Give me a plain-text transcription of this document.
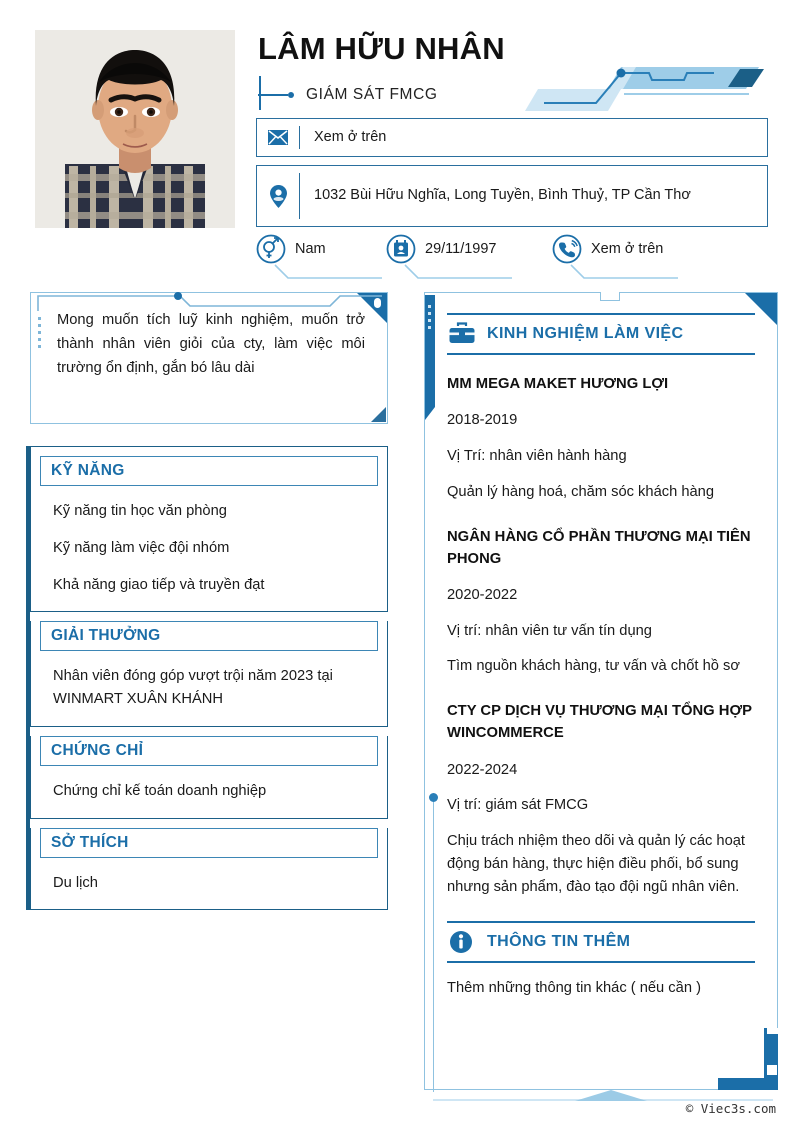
LÂM HỮU NHÂN
GIÁM SÁT FMCG
Xem ở trên
1032 Bùi Hữu Nghĩa, Long Tuyền, Bình Thuỷ, TP Cần Thơ
Nam	29/11/1997	Xem ở trên

Mong muốn tích luỹ kinh nghiệm, muốn trở thành nhân viên giỏi của cty, làm việc môi trường ổn định, gắn bó lâu dài

KỸ NĂNG
Kỹ năng tin học văn phòng
Kỹ năng làm việc đội nhóm
Khả năng giao tiếp và truyền đạt
GIẢI THƯỞNG
Nhân viên đóng góp vượt trội năm 2023 tại WINMART XUÂN KHÁNH
CHỨNG CHỈ
Chứng chỉ kế toán doanh nghiệp
SỞ THÍCH
Du lịch
KINH NGHIỆM LÀM VIỆC
MM MEGA MAKET HƯƠNG LỢI
2018-2019
Vị Trí: nhân viên hành hàng
Quản lý hàng hoá, chăm sóc khách hàng
NGÂN HÀNG CỔ PHẦN THƯƠNG MẠI TIÊN PHONG
2020-2022
Vị trí: nhân viên tư vấn tín dụng
Tìm nguồn khách hàng, tư vấn và chốt hồ sơ
CTY CP DỊCH VỤ THƯƠNG MẠI TỔNG HỢP WINCOMMERCE
2022-2024
Vị trí: giám sát FMCG
Chịu trách nhiệm theo dõi và quản lý các hoạt động bán hàng, thực hiện điều phối, bổ sung nhưng sản phẩm, đào tạo đội ngũ nhân viên.
THÔNG TIN THÊM
Thêm những thông tin khác ( nếu cần )
© Viec3s.com
